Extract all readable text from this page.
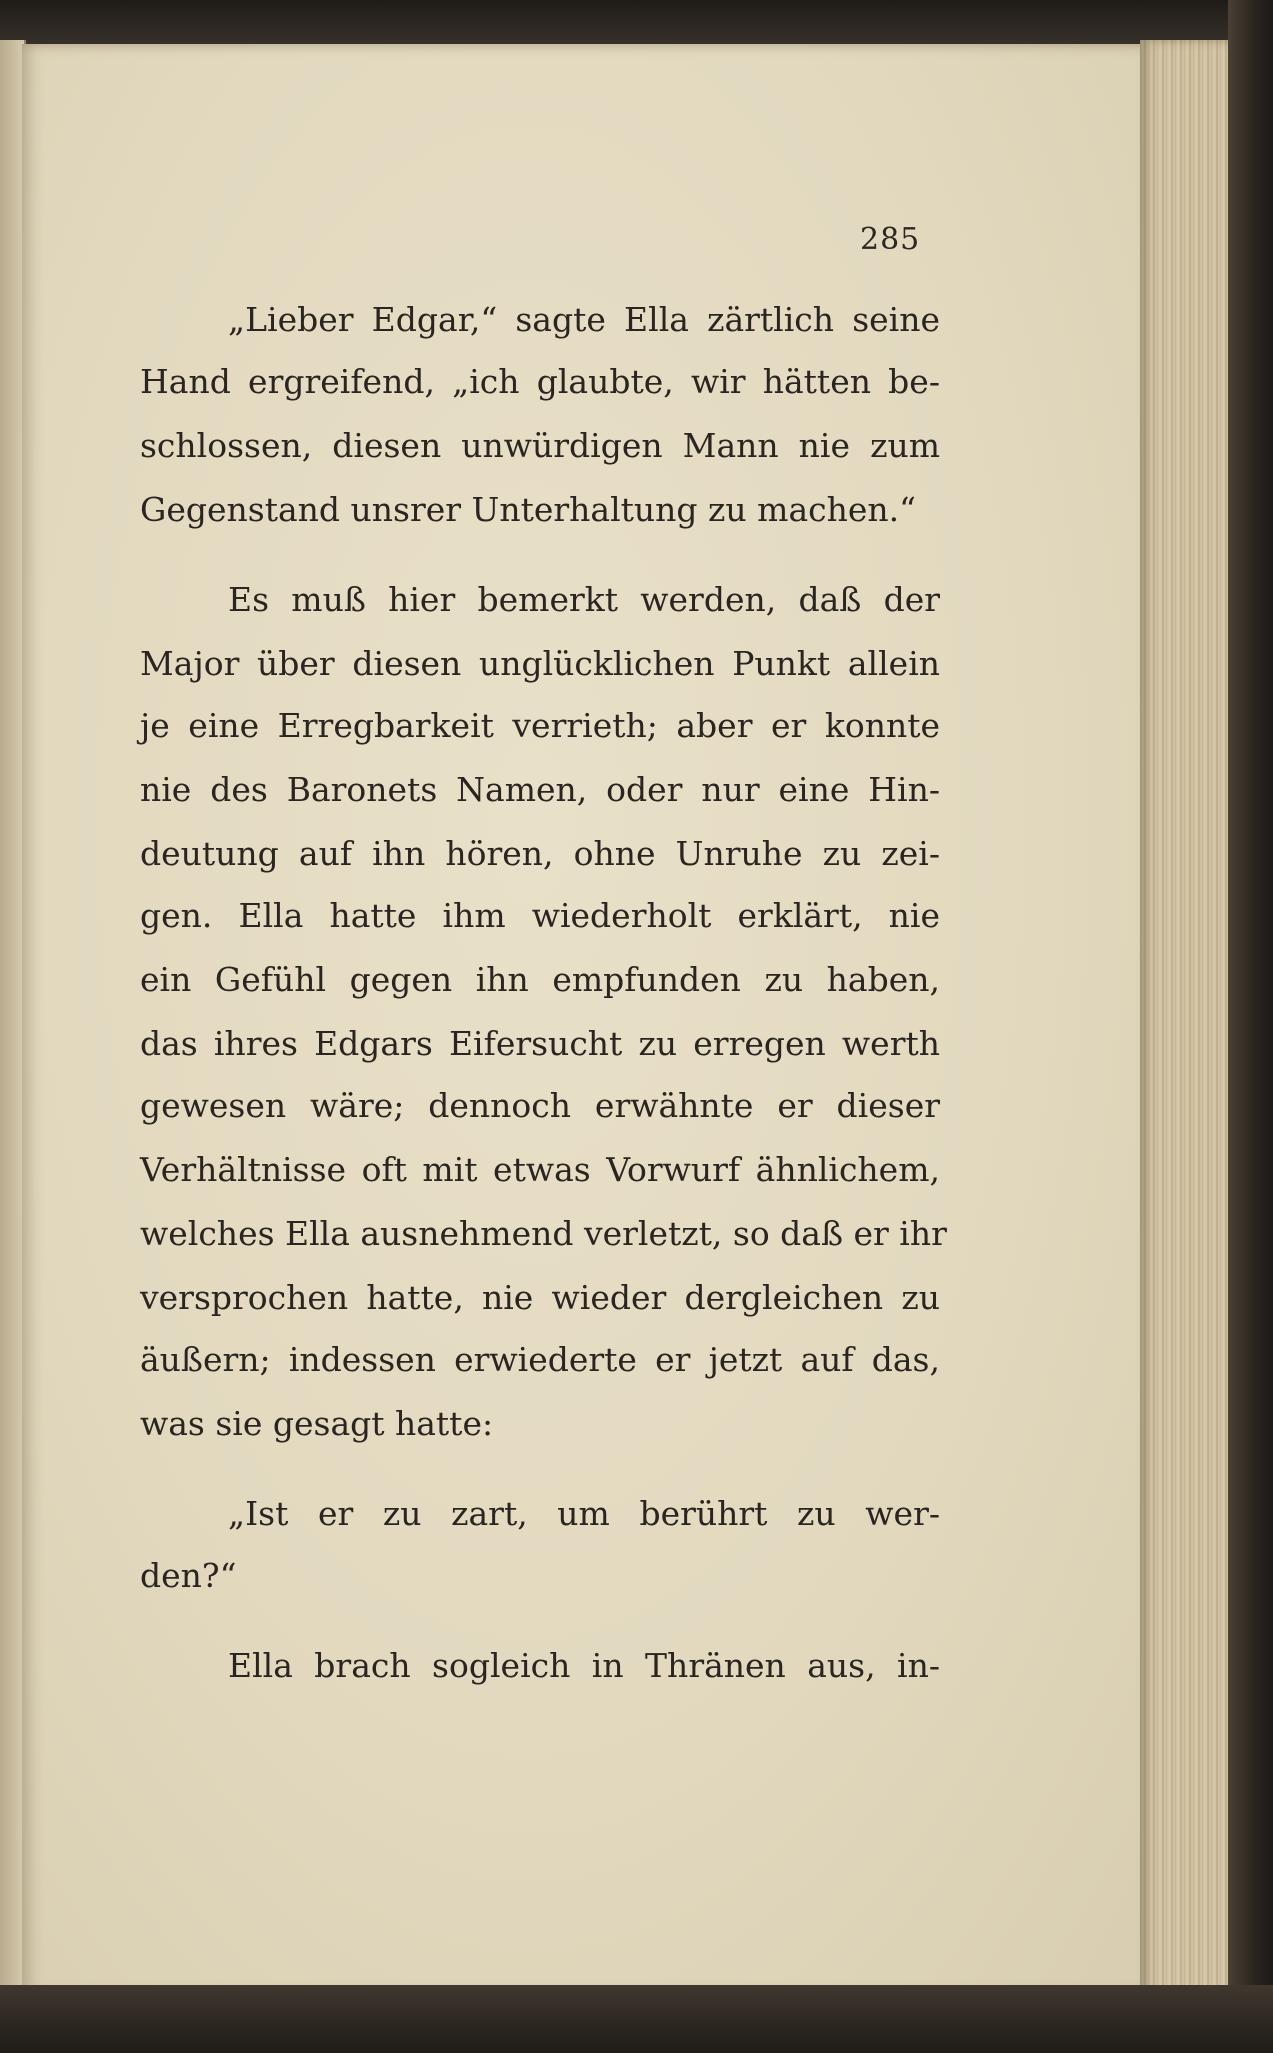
285
„Lieber Edgar,“ sagte Ella zärtlich seine
Hand ergreifend, „ich glaubte, wir hätten be-
schlossen, diesen unwürdigen Mann nie zum
Gegenstand unsrer Unterhaltung zu machen.“
Es muß hier bemerkt werden, daß der
Major über diesen unglücklichen Punkt allein
je eine Erregbarkeit verrieth; aber er konnte
nie des Baronets Namen, oder nur eine Hin-
deutung auf ihn hören, ohne Unruhe zu zei-
gen. Ella hatte ihm wiederholt erklärt, nie
ein Gefühl gegen ihn empfunden zu haben,
das ihres Edgars Eifersucht zu erregen werth
gewesen wäre; dennoch erwähnte er dieser
Verhältnisse oft mit etwas Vorwurf ähnlichem,
welches Ella ausnehmend verletzt, so daß er ihr
versprochen hatte, nie wieder dergleichen zu
äußern; indessen erwiederte er jetzt auf das,
was sie gesagt hatte:
„Ist er zu zart, um berührt zu wer-
den?“
Ella brach sogleich in Thränen aus, in-
